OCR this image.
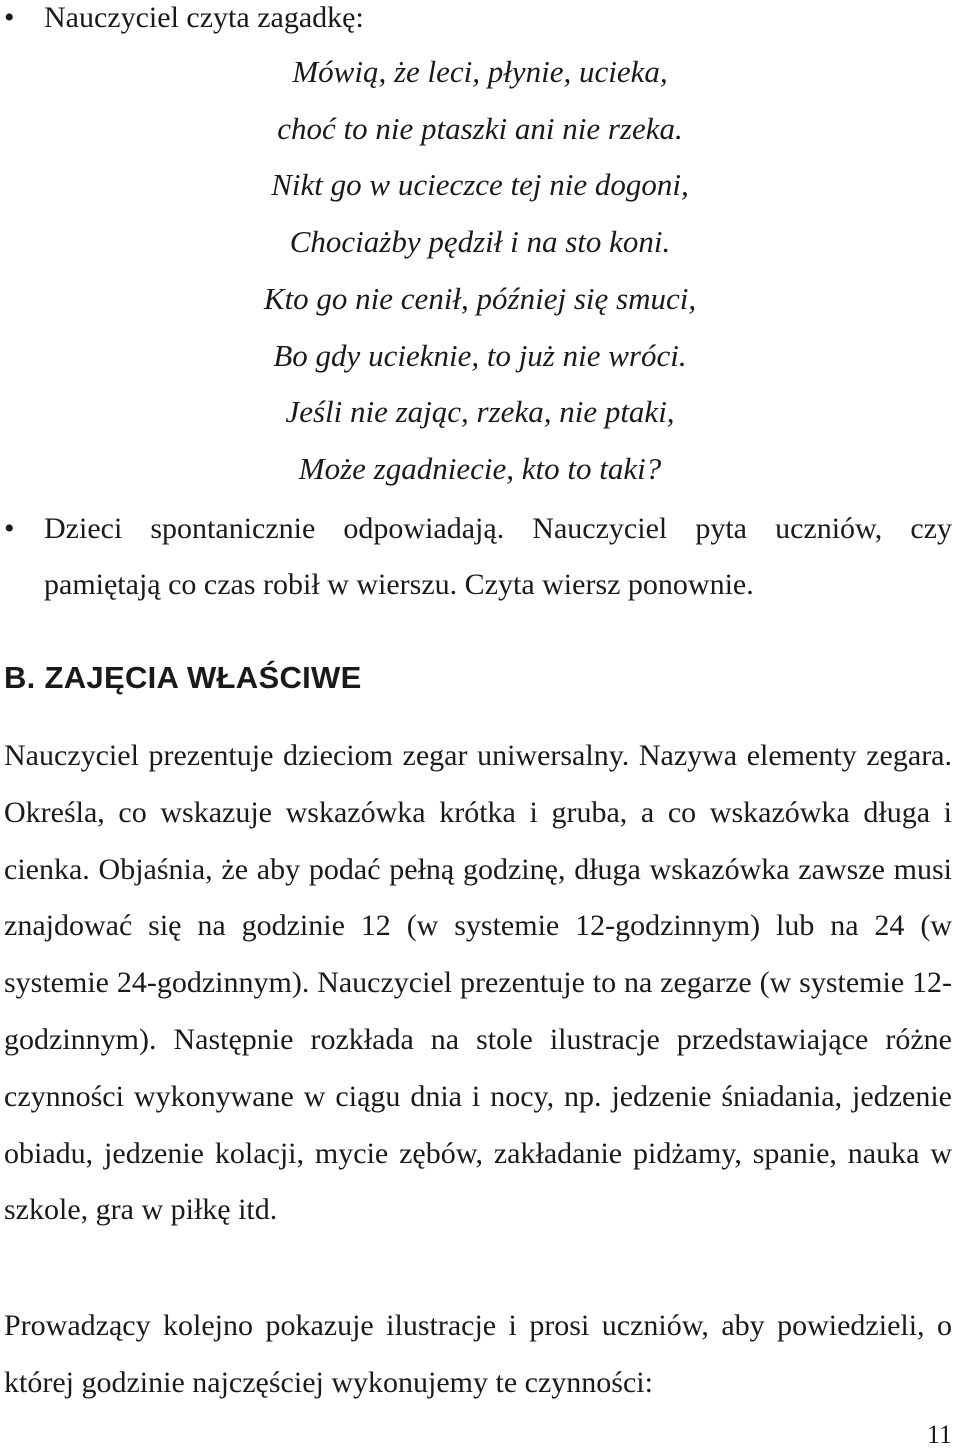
• Nauczyciel czyta zagadkę:
Mówią, że leci, płynie, ucieka,
choć to nie ptaszki ani nie rzeka.
Nikt go w ucieczce tej nie dogoni,
Chociażby pędził i na sto koni.
Kto go nie cenił, później się smuci,
Bo gdy ucieknie, to już nie wróci.
Jeśli nie zając, rzeka, nie ptaki,
Może zgadniecie, kto to taki?
• Dzieci spontanicznie odpowiadają. Nauczyciel pyta uczniów, czy pamiętają co czas robił w wierszu. Czyta wiersz ponownie.
B. ZAJĘCIA WŁAŚCIWE
Nauczyciel prezentuje dzieciom zegar uniwersalny. Nazywa elementy zegara. Określa, co wskazuje wskazówka krótka i gruba, a co wskazówka długa i cienka. Objaśnia, że aby podać pełną godzinę, długa wskazówka zawsze musi znajdować się na godzinie 12 (w systemie 12-godzinnym) lub na 24 (w systemie 24-godzinnym). Nauczyciel prezentuje to na zegarze (w systemie 12-godzinnym). Następnie rozkłada na stole ilustracje przedstawiające różne czynności wykonywane w ciągu dnia i nocy, np. jedzenie śniadania, jedzenie obiadu, jedzenie kolacji, mycie zębów, zakładanie pidżamy, spanie, nauka w szkole, gra w piłkę itd.
Prowadzący kolejno pokazuje ilustracje i prosi uczniów, aby powiedzieli, o której godzinie najczęściej wykonujemy te czynności:
11
